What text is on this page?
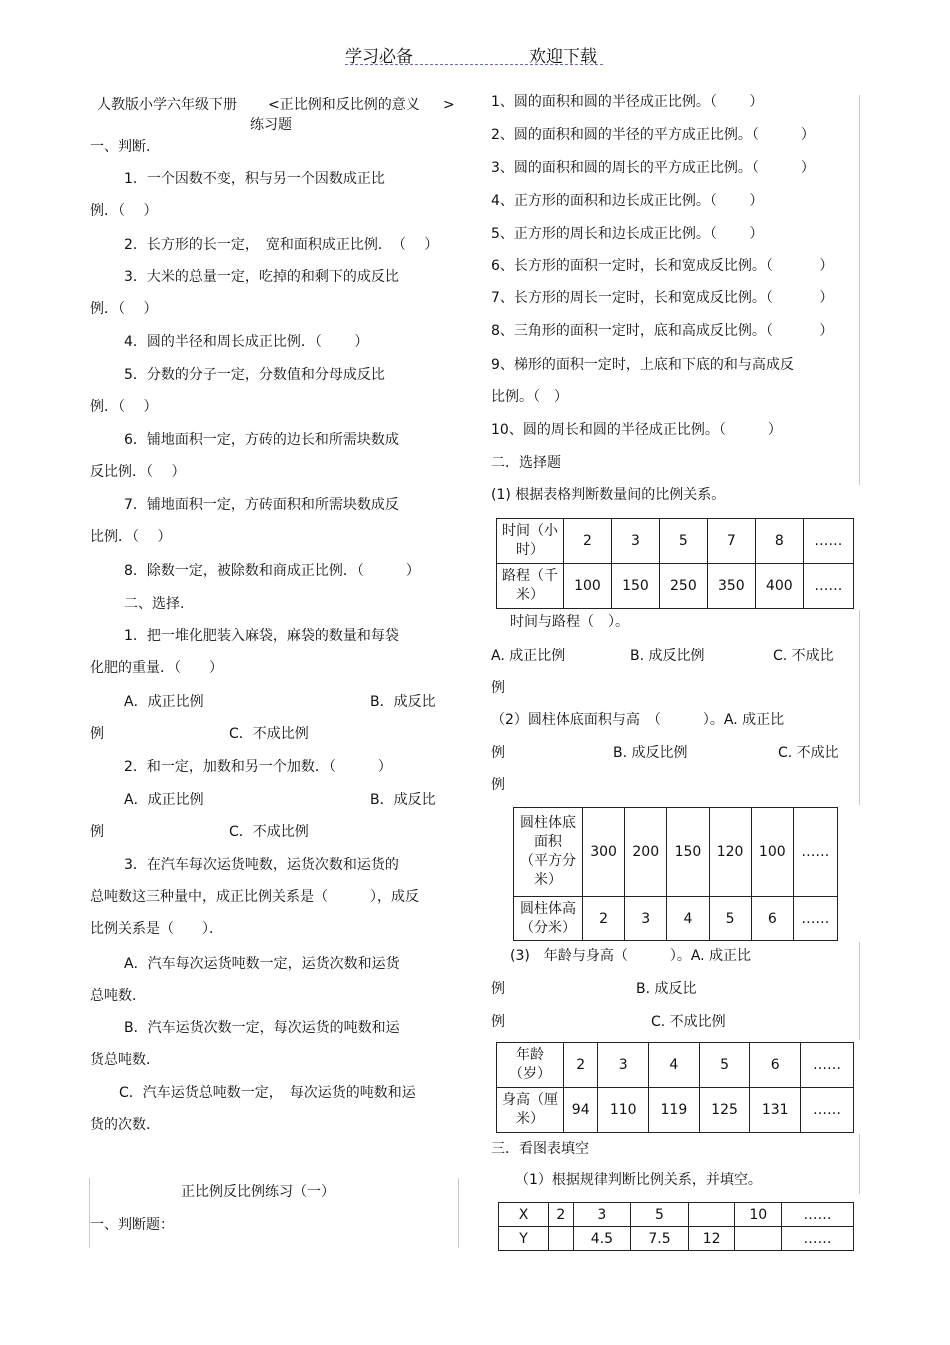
学习必备	欢迎下载
人教版小学六年级下册 <正比例和反比例的意义 >
练习题
一、判断.
1．一个因数不变，积与另一个因数成正比
例．（　 ）
2．长方形的长一定，　宽和面积成正比例．　（　 ）
3．大米的总量一定，吃掉的和剩下的成反比
例．（　 ）
4．圆的半径和周长成正比例．（　　 ）
5．分数的分子一定，分数值和分母成反比
例．（　 ）
6．铺地面积一定，方砖的边长和所需块数成
反比例．（　 ）
7．铺地面积一定，方砖面积和所需块数成反
比例．（　 ）
8．除数一定，被除数和商成正比例．（　　　）
二、选择.
1．把一堆化肥装入麻袋，麻袋的数量和每袋
化肥的重量．（　　）
A．成正比例	B．成反比
例	C．不成比例
2．和一定，加数和另一个加数．（　　　）
A．成正比例	B．成反比
例	C．不成比例
3．在汽车每次运货吨数，运货次数和运货的
总吨数这三种量中，成正比例关系是（　　　），成反
比例关系是（　　）．
A．汽车每次运货吨数一定，运货次数和运货
总吨数．
B．汽车运货次数一定，每次运货的吨数和运
货总吨数．
C．汽车运货总吨数一定，　每次运货的吨数和运
货的次数．
正比例反比例练习（一）
一、判断题：
1、圆的面积和圆的半径成正比例。（　　 ）
2、圆的面积和圆的半径的平方成正比例。（　　　）
3、圆的面积和圆的周长的平方成正比例。（　　　）
4、正方形的面积和边长成正比例。（　　 ）
5、正方形的周长和边长成正比例。（　　 ）
6、长方形的面积一定时，长和宽成反比例。（　　　 ）
7、长方形的周长一定时，长和宽成反比例。（　　　 ）
8、三角形的面积一定时，底和高成反比例。（　　　 ）
9、梯形的面积一定时，上底和下底的和与高成反
比例。（　）
10、圆的周长和圆的半径成正比例。（　　　）
二．选择题
(1) 根据表格判断数量间的比例关系。
时间（小
时）	2	3	5	7	8	……
路程（千
米）	100	150	250	350	400	……
时间与路程（　）。
A. 成正比例	B. 成反比例	C. 不成比
例
（2）圆柱体底面积与高　（　　　）。A. 成正比
例	B. 成反比例	C. 不成比
例
圆柱体底
面积
（平方分
米）	300	200	150	120	100	……
圆柱体高
（分米）	2	3	4	5	6	……
(3)　年龄与身高（　　　）。A. 成正比
例	B. 成反比
例	C. 不成比例
年龄
（岁）	2	3	4	5	6	……
身高（厘
米）	94	110	119	125	131	……
三．看图表填空
（1）根据规律判断比例关系，并填空。
X	2	3	5		10	……
Y		4.5	7.5	12		……
